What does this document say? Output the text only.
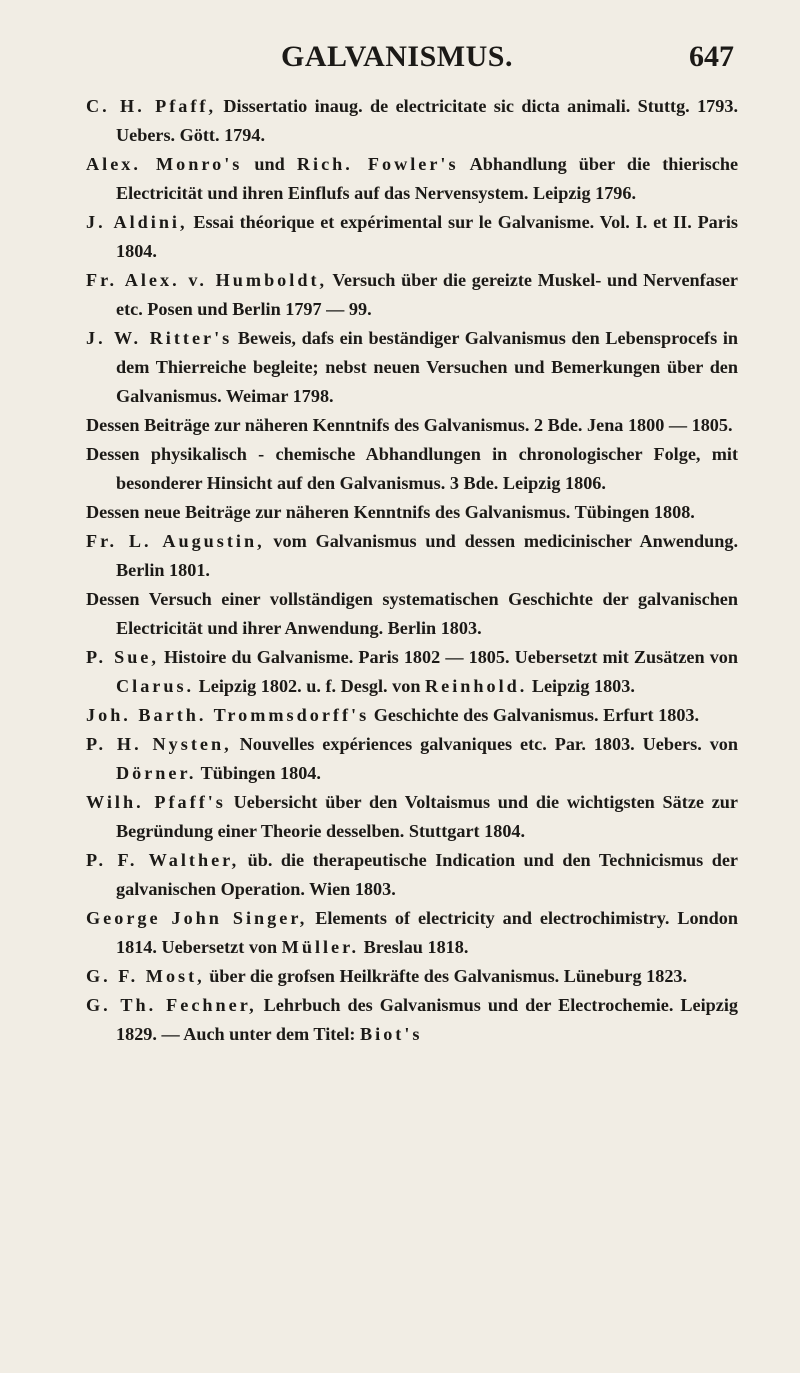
GALVANISMUS.	647

C. H. Pfaff, Dissertatio inaug. de electricitate sic dicta animali. Stuttg. 1793. Uebers. Gött. 1794.

Alex. Monro's und Rich. Fowler's Abhandlung über die thierische Electricität und ihren Einflufs auf das Nervensystem. Leipzig 1796.

J. Aldini, Essai théorique et expérimental sur le Galvanisme. Vol. I. et II. Paris 1804.

Fr. Alex. v. Humboldt, Versuch über die gereizte Muskel- und Nervenfaser etc. Posen und Berlin 1797 — 99.

J. W. Ritter's Beweis, dafs ein beständiger Galvanismus den Lebensprocefs in dem Thierreiche begleite; nebst neuen Versuchen und Bemerkungen über den Galvanismus. Weimar 1798.

Dessen Beiträge zur näheren Kenntnifs des Galvanismus. 2 Bde. Jena 1800 — 1805.

Dessen physikalisch - chemische Abhandlungen in chronologischer Folge, mit besonderer Hinsicht auf den Galvanismus. 3 Bde. Leipzig 1806.

Dessen neue Beiträge zur näheren Kenntnifs des Galvanismus. Tübingen 1808.

Fr. L. Augustin, vom Galvanismus und dessen medicinischer Anwendung. Berlin 1801.

Dessen Versuch einer vollständigen systematischen Geschichte der galvanischen Electricität und ihrer Anwendung. Berlin 1803.

P. Sue, Histoire du Galvanisme. Paris 1802 — 1805. Uebersetzt mit Zusätzen von Clarus. Leipzig 1802. u. f. Desgl. von Reinhold. Leipzig 1803.

Joh. Barth. Trommsdorff's Geschichte des Galvanismus. Erfurt 1803.

P. H. Nysten, Nouvelles expériences galvaniques etc. Par. 1803. Uebers. von Dörner. Tübingen 1804.

Wilh. Pfaff's Uebersicht über den Voltaismus und die wichtigsten Sätze zur Begründung einer Theorie desselben. Stuttgart 1804.

P. F. Walther, üb. die therapeutische Indication und den Technicismus der galvanischen Operation. Wien 1803.

George John Singer, Elements of electricity and electrochimistry. London 1814. Uebersetzt von Müller. Breslau 1818.

G. F. Most, über die grofsen Heilkräfte des Galvanismus. Lüneburg 1823.

G. Th. Fechner, Lehrbuch des Galvanismus und der Electrochemie. Leipzig 1829. — Auch unter dem Titel: Biot's
